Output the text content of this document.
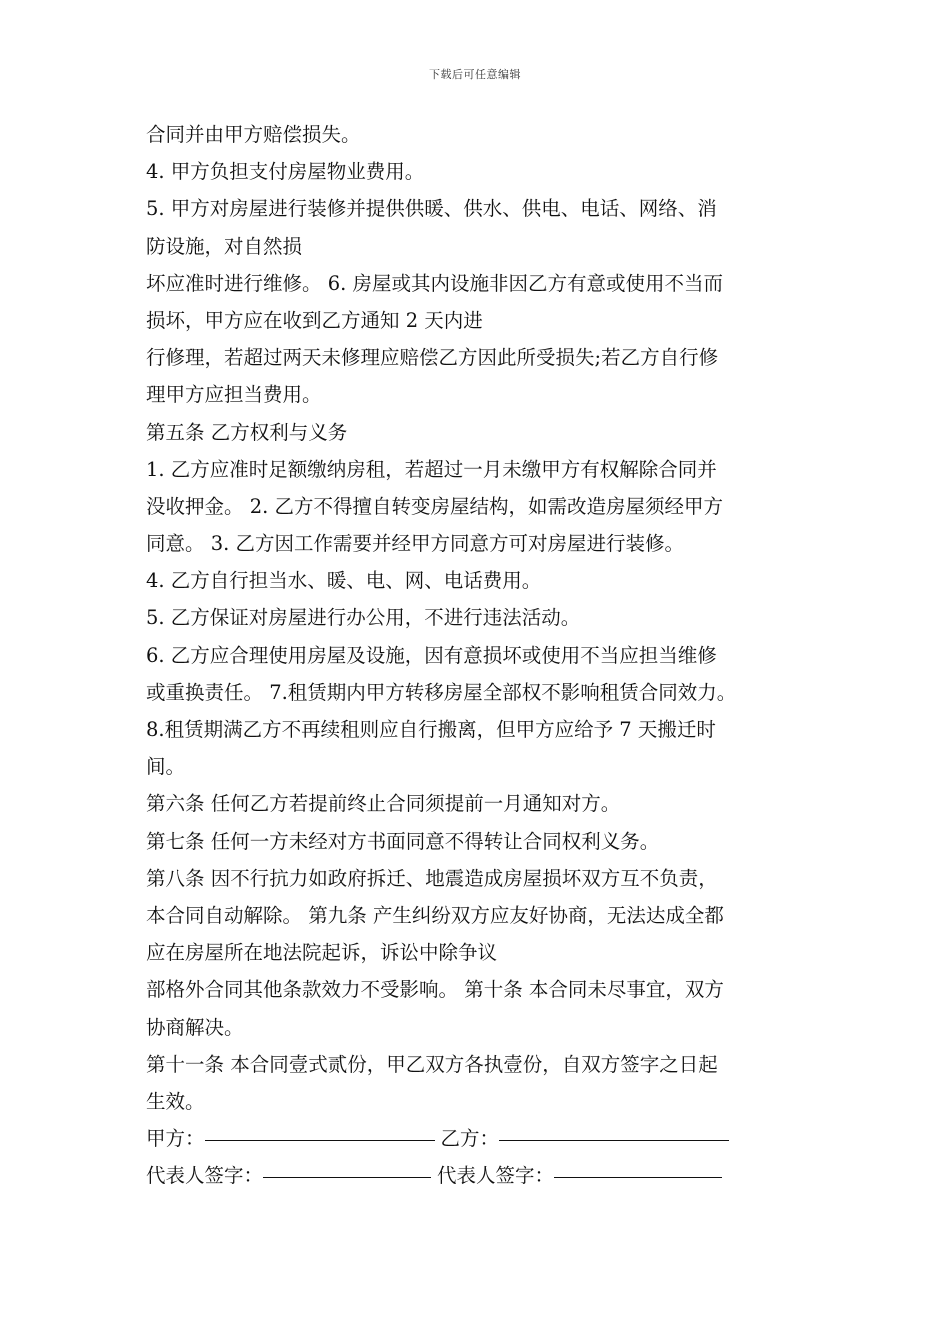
下载后可任意编辑
合同并由甲方赔偿损失。
4. 甲方负担支付房屋物业费用。
5. 甲方对房屋进行装修并提供供暖、供水、供电、电话、网络、消
防设施，对自然损
坏应准时进行维修。 6. 房屋或其内设施非因乙方有意或使用不当而
损坏，甲方应在收到乙方通知 2 天内进
行修理，若超过两天未修理应赔偿乙方因此所受损失;若乙方自行修
理甲方应担当费用。
第五条 乙方权利与义务
1. 乙方应准时足额缴纳房租，若超过一月未缴甲方有权解除合同并
没收押金。 2. 乙方不得擅自转变房屋结构，如需改造房屋须经甲方
同意。 3. 乙方因工作需要并经甲方同意方可对房屋进行装修。
4. 乙方自行担当水、暖、电、网、电话费用。
5. 乙方保证对房屋进行办公用，不进行违法活动。
6. 乙方应合理使用房屋及设施，因有意损坏或使用不当应担当维修
或重换责任。 7.租赁期内甲方转移房屋全部权不影响租赁合同效力。
8.租赁期满乙方不再续租则应自行搬离，但甲方应给予 7 天搬迁时
间。
第六条 任何乙方若提前终止合同须提前一月通知对方。
第七条 任何一方未经对方书面同意不得转让合同权利义务。
第八条 因不行抗力如政府拆迁、地震造成房屋损坏双方互不负责，
本合同自动解除。 第九条 产生纠纷双方应友好协商，无法达成全都
应在房屋所在地法院起诉，诉讼中除争议
部格外合同其他条款效力不受影响。 第十条 本合同未尽事宜，双方
协商解决。
第十一条 本合同壹式贰份，甲乙双方各执壹份，自双方签字之日起
生效。
甲方：	乙方：
代表人签字：	代表人签字：
